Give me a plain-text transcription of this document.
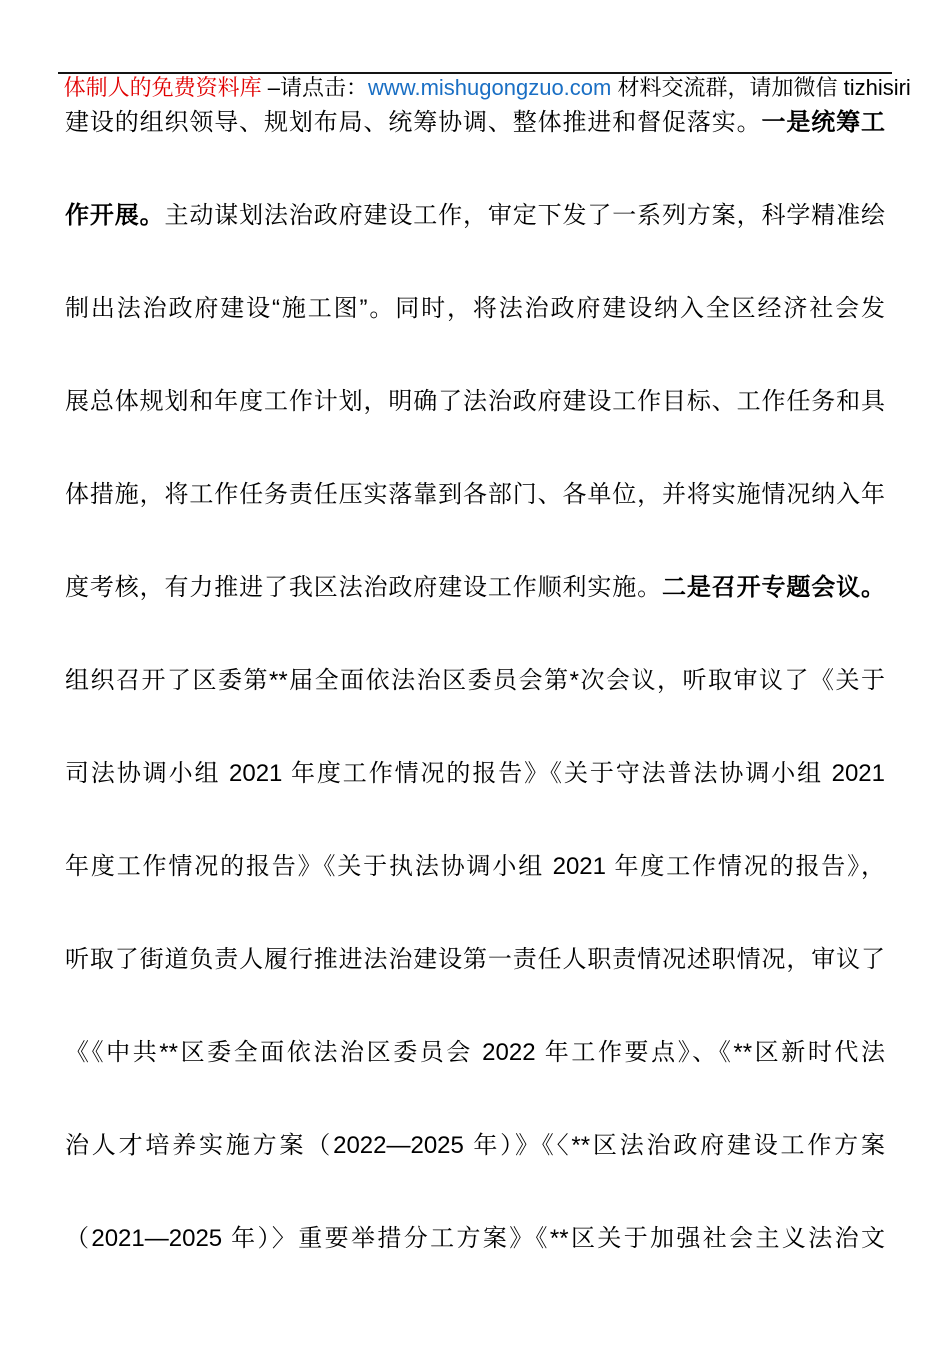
体制人的免费资料库 –请点击：www.mishugongzuo.com 材料交流群，请加微信 tizhisiri

建设的组织领导、规划布局、统筹协调、整体推进和督促落实。一是统筹工
作开展。主动谋划法治政府建设工作，审定下发了一系列方案，科学精准绘
制出法治政府建设“施工图”。同时，将法治政府建设纳入全区经济社会发
展总体规划和年度工作计划，明确了法治政府建设工作目标、工作任务和具
体措施，将工作任务责任压实落靠到各部门、各单位，并将实施情况纳入年
度考核，有力推进了我区法治政府建设工作顺利实施。二是召开专题会议。
组织召开了区委第**届全面依法治区委员会第*次会议，听取审议了《关于
司法协调小组 2021 年度工作情况的报告》《关于守法普法协调小组 2021
年度工作情况的报告》《关于执法协调小组 2021 年度工作情况的报告》，
听取了街道负责人履行推进法治建设第一责任人职责情况述职情况，审议了
《《中共**区委全面依法治区委员会 2022 年工作要点》、《**区新时代法
治人才培养实施方案（2022—2025 年）》《〈**区法治政府建设工作方案
（2021—2025 年）〉重要举措分工方案》《**区关于加强社会主义法治文
